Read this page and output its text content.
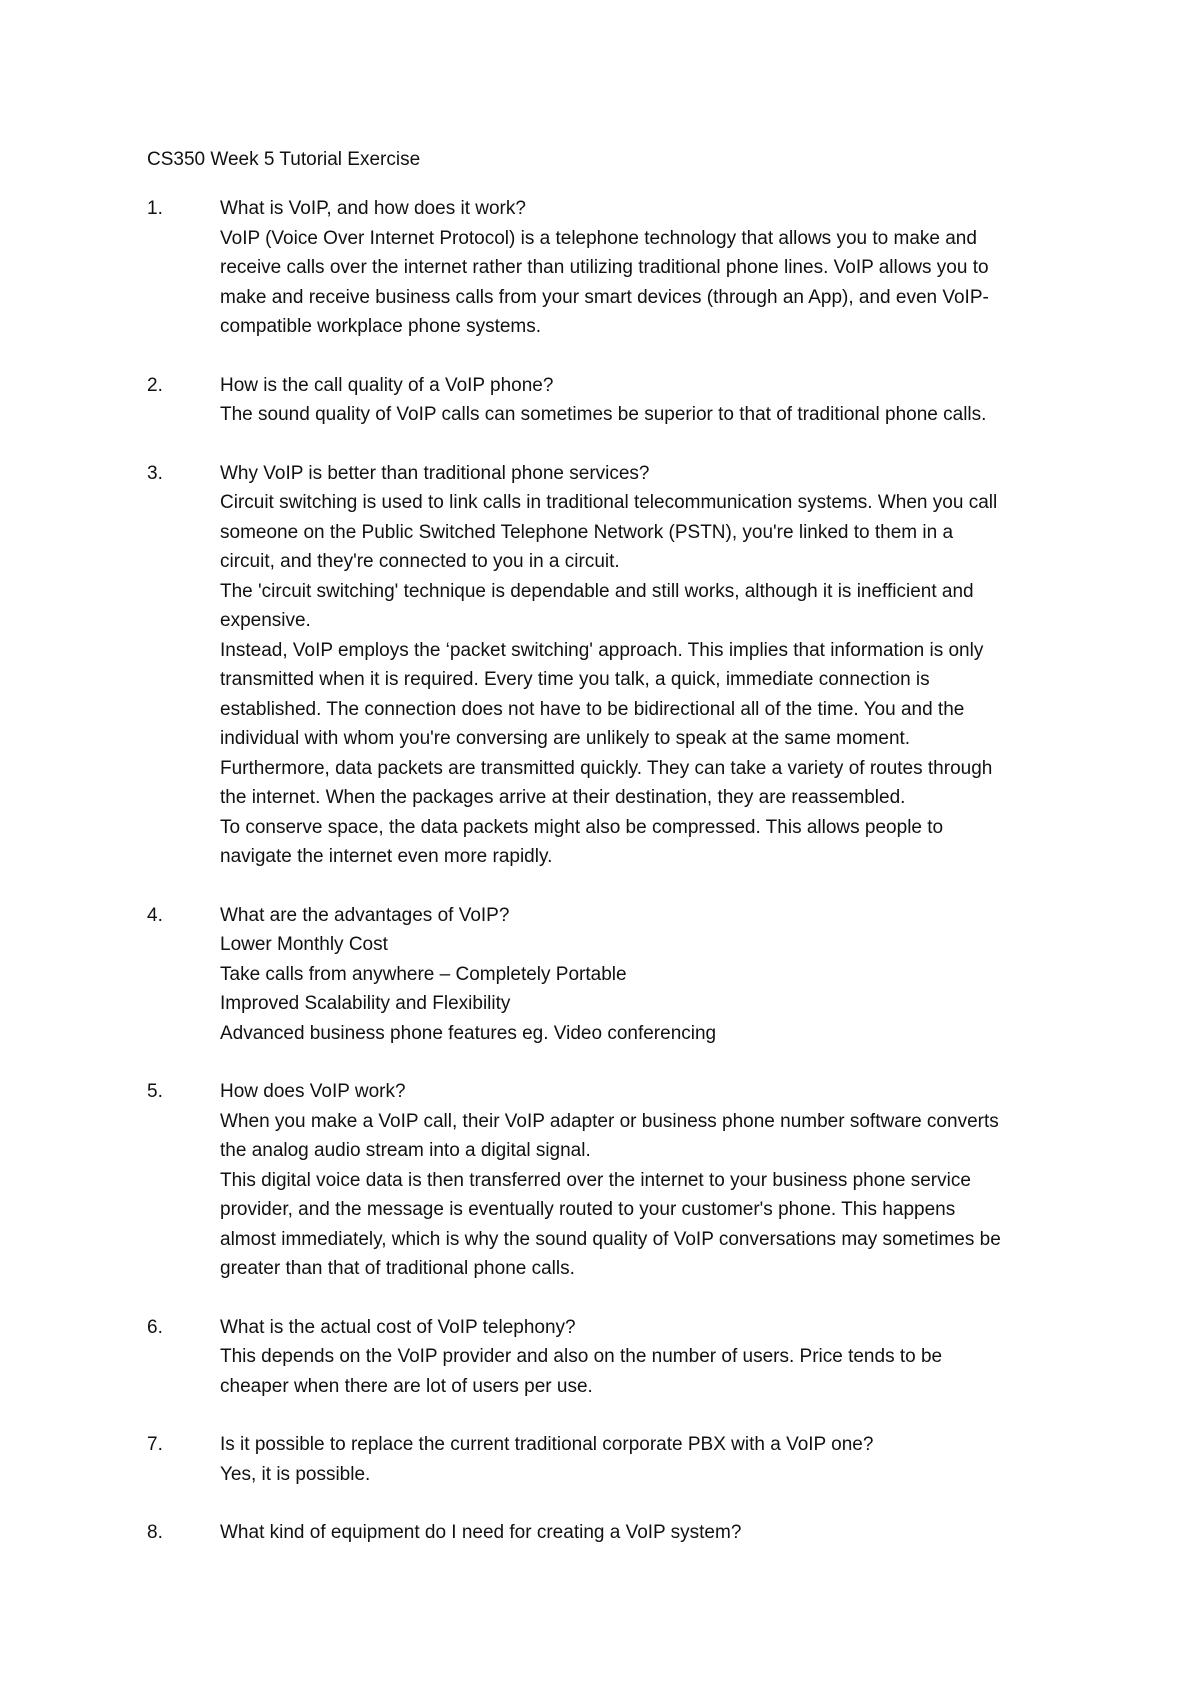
CS350 Week 5 Tutorial Exercise
1.	What is VoIP, and how does it work?
VoIP (Voice Over Internet Protocol) is a telephone technology that allows you to make and
receive calls over the internet rather than utilizing traditional phone lines. VoIP allows you to
make and receive business calls from your smart devices (through an App), and even VoIP-
compatible workplace phone systems.
2.	How is the call quality of a VoIP phone?
The sound quality of VoIP calls can sometimes be superior to that of traditional phone calls.
3.	Why VoIP is better than traditional phone services?
Circuit switching is used to link calls in traditional telecommunication systems. When you call
someone on the Public Switched Telephone Network (PSTN), you're linked to them in a
circuit, and they're connected to you in a circuit.
The 'circuit switching' technique is dependable and still works, although it is inefficient and
expensive.
Instead, VoIP employs the ‘packet switching' approach. This implies that information is only
transmitted when it is required. Every time you talk, a quick, immediate connection is
established. The connection does not have to be bidirectional all of the time. You and the
individual with whom you're conversing are unlikely to speak at the same moment.
Furthermore, data packets are transmitted quickly. They can take a variety of routes through
the internet. When the packages arrive at their destination, they are reassembled.
To conserve space, the data packets might also be compressed. This allows people to
navigate the internet even more rapidly.
4.	What are the advantages of VoIP?
Lower Monthly Cost
Take calls from anywhere – Completely Portable
Improved Scalability and Flexibility
Advanced business phone features eg. Video conferencing
5.	How does VoIP work?
When you make a VoIP call, their VoIP adapter or business phone number software converts
the analog audio stream into a digital signal.
This digital voice data is then transferred over the internet to your business phone service
provider, and the message is eventually routed to your customer's phone. This happens
almost immediately, which is why the sound quality of VoIP conversations may sometimes be
greater than that of traditional phone calls.
6.	What is the actual cost of VoIP telephony?
This depends on the VoIP provider and also on the number of users. Price tends to be
cheaper when there are lot of users per use.
7.	Is it possible to replace the current traditional corporate PBX with a VoIP one?
Yes, it is possible.
8.	What kind of equipment do I need for creating a VoIP system?
